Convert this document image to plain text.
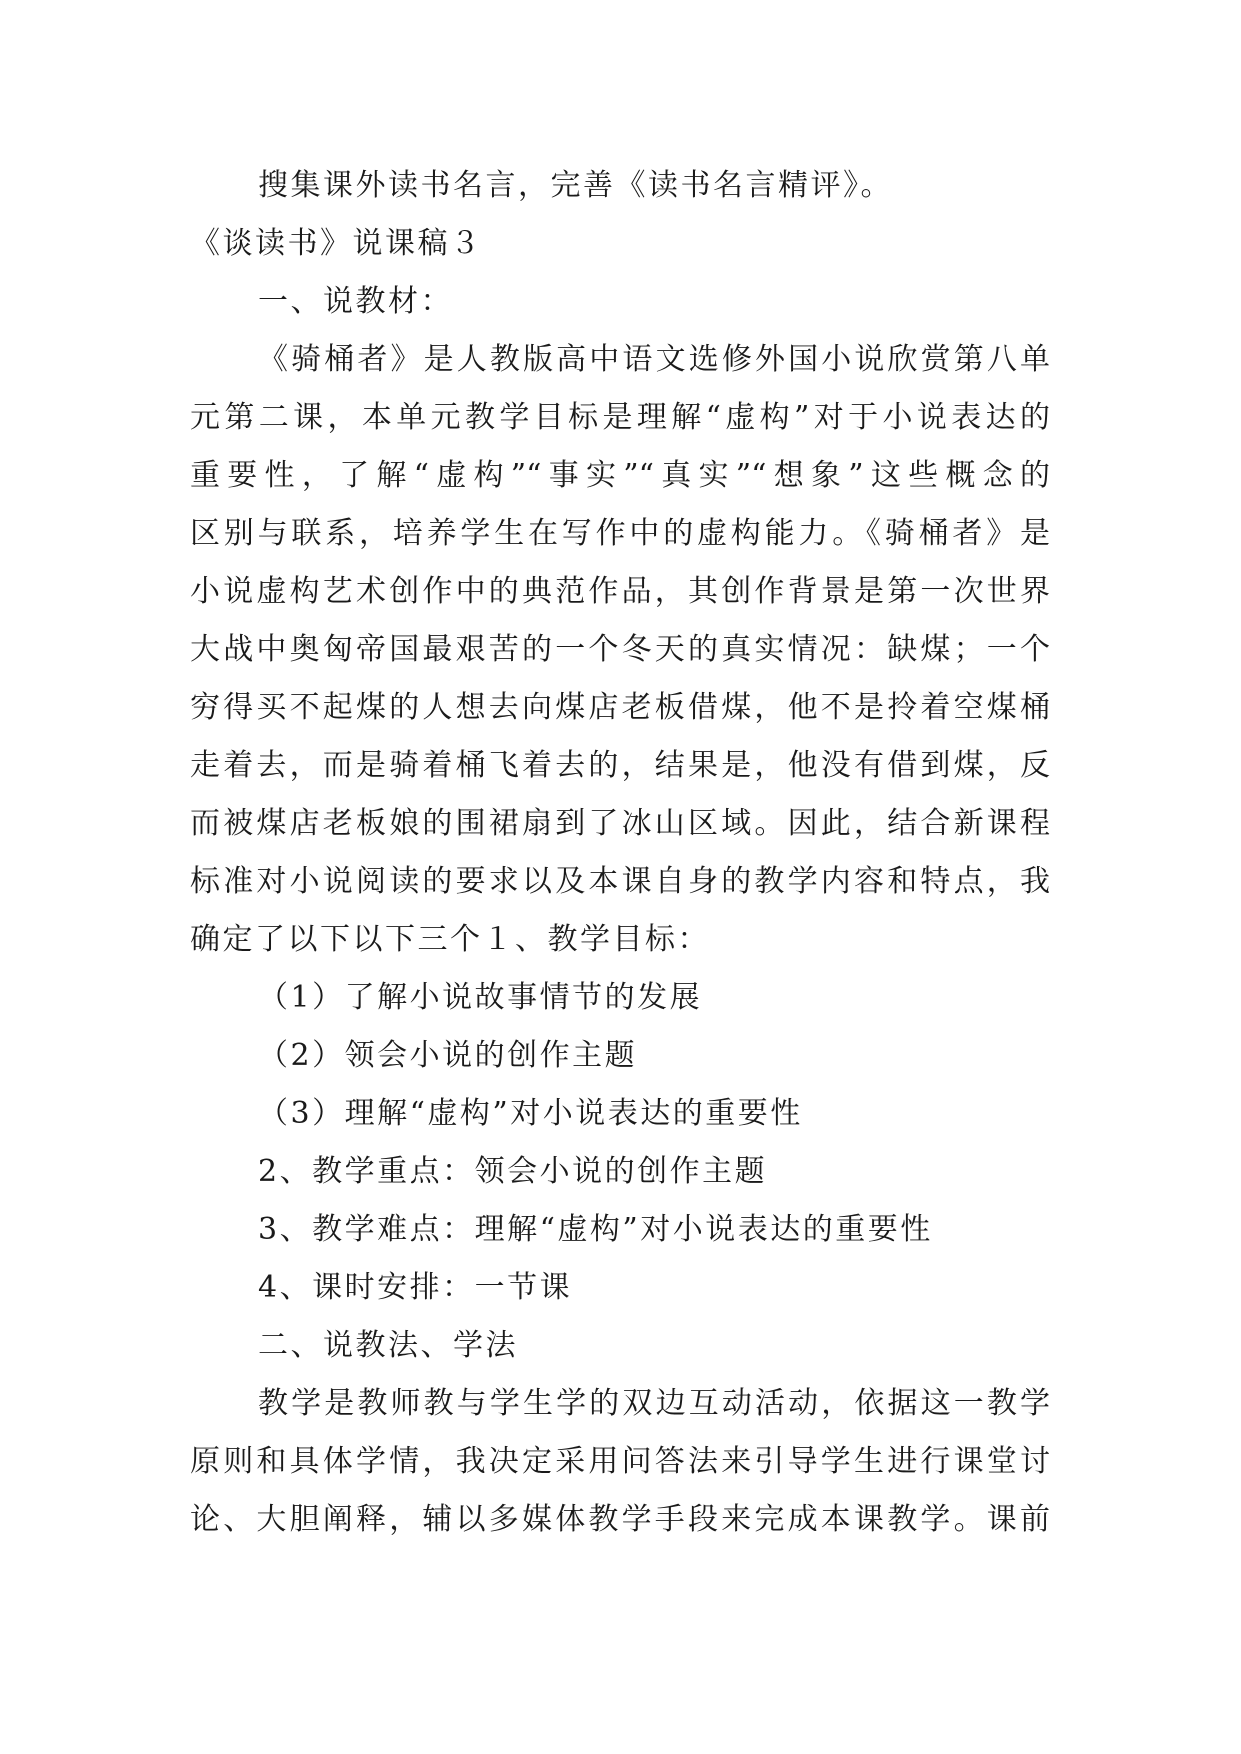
搜集课外读书名言，完善《读书名言精评》。

《谈读书》说课稿３

一、说教材：

《骑桶者》是人教版高中语文选修外国小说欣赏第八单

元第二课，本单元教学目标是理解“虚构”对于小说表达的

重要性，了解“虚构”“事实”“真实”“想象”这些概念的

区别与联系，培养学生在写作中的虚构能力。《骑桶者》是

小说虚构艺术创作中的典范作品，其创作背景是第一次世界

大战中奥匈帝国最艰苦的一个冬天的真实情况：缺煤；一个

穷得买不起煤的人想去向煤店老板借煤，他不是拎着空煤桶

走着去，而是骑着桶飞着去的，结果是，他没有借到煤，反

而被煤店老板娘的围裙扇到了冰山区域。因此，结合新课程

标准对小说阅读的要求以及本课自身的教学内容和特点，我

确定了以下以下三个１、教学目标：

（1）了解小说故事情节的发展

（2）领会小说的创作主题

（3）理解“虚构”对小说表达的重要性

2、教学重点：领会小说的创作主题

3、教学难点：理解“虚构”对小说表达的重要性

4、课时安排：一节课

二、说教法、学法

教学是教师教与学生学的双边互动活动，依据这一教学

原则和具体学情，我决定采用问答法来引导学生进行课堂讨

论、大胆阐释，辅以多媒体教学手段来完成本课教学。课前
